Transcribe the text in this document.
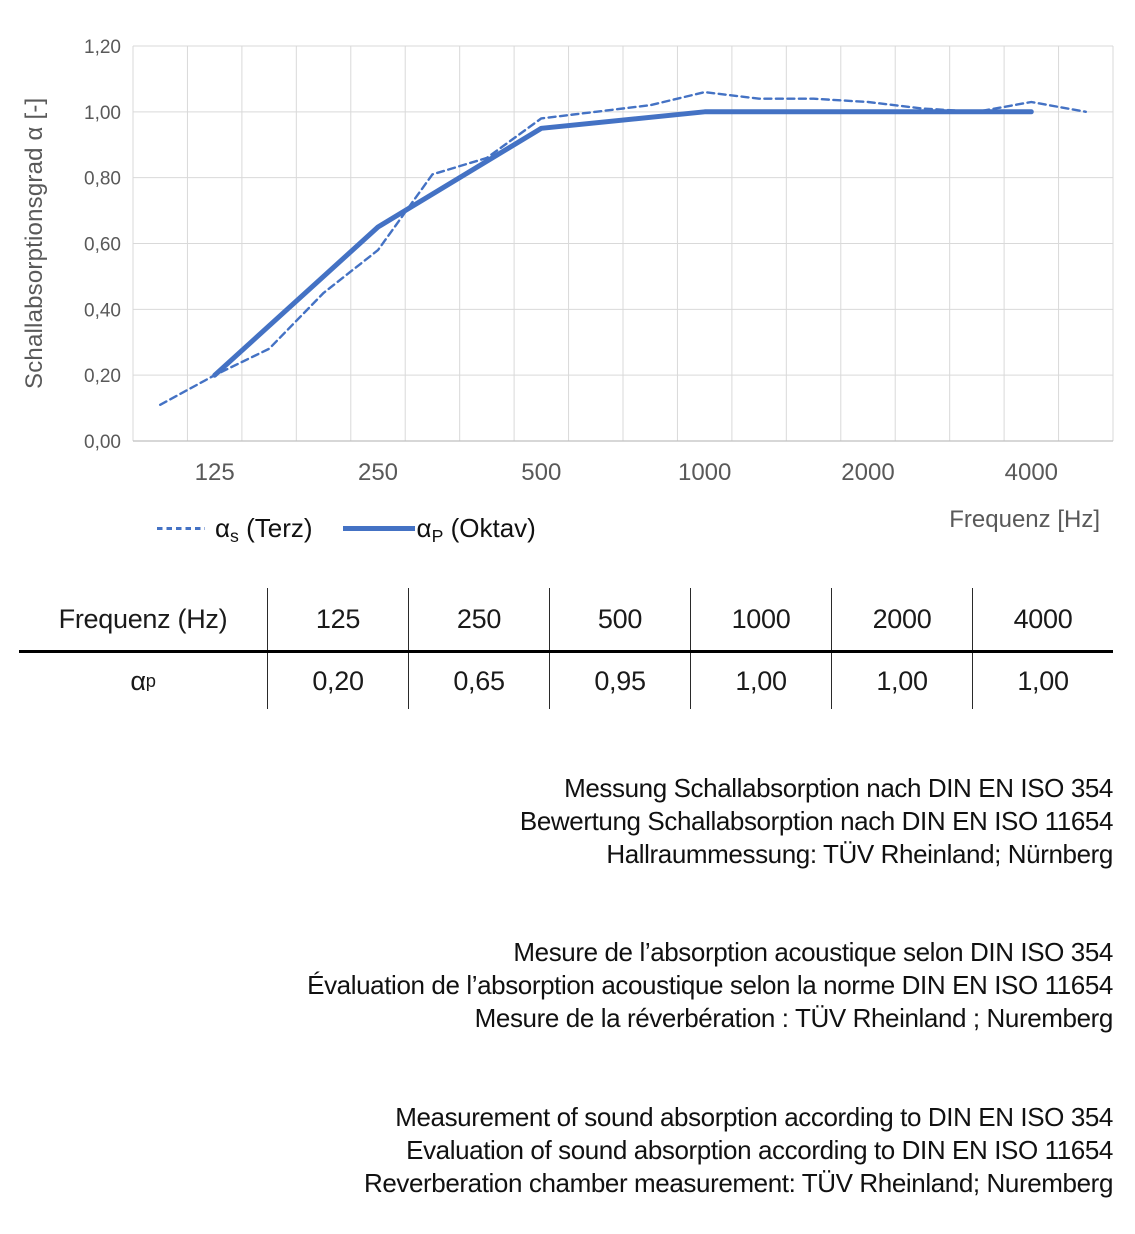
0,00
0,20
0,40
0,60
0,80
1,00
1,20
125	250	500	1000	2000	4000
Schallabsorptionsgrad α [-]
Frequenz [Hz]
$\alpha_s$ (Terz)	$\alpha_P$ (Oktav)
Frequenz (Hz)	125	250	500	1000	2000	4000
α p	0,20	0,65	0,95	1,00	1,00	1,00
Messung Schallabsorption nach DIN EN ISO 354
Bewertung Schallabsorption nach DIN EN ISO 11654
Hallraummessung: TÜV Rheinland; Nürnberg
Mesure de l’absorption acoustique selon DIN ISO 354
Évaluation de l’absorption acoustique selon la norme DIN EN ISO 11654
Mesure de la réverbération : TÜV Rheinland ; Nuremberg
Measurement of sound absorption according to DIN EN ISO 354
Evaluation of sound absorption according to DIN EN ISO 11654
Reverberation chamber measurement: TÜV Rheinland; Nuremberg
